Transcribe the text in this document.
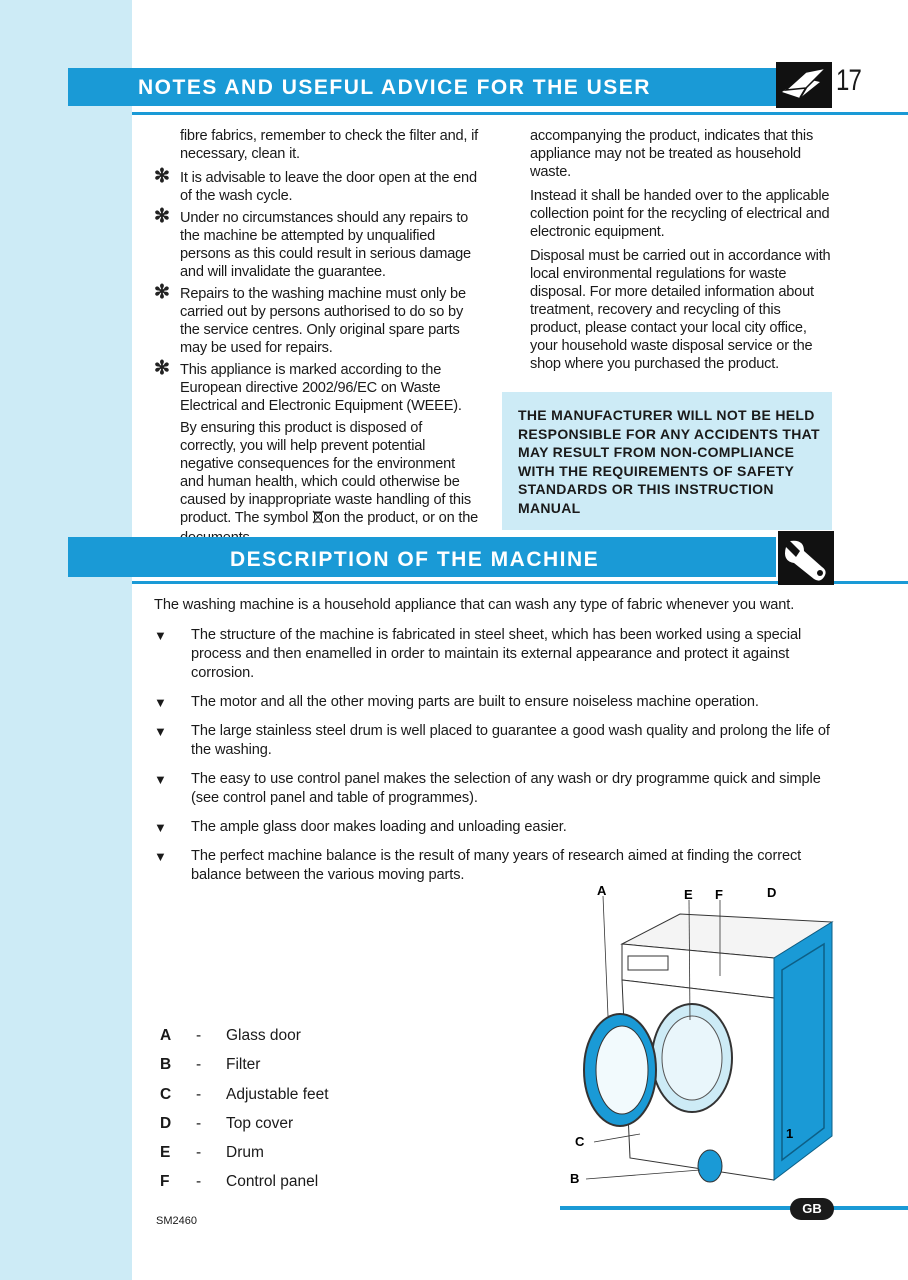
NOTES AND USEFUL ADVICE FOR THE USER	17

fibre fabrics, remember to check the filter and, if necessary, clean it.

✻ It is advisable to leave the door open at the end of the wash cycle.
✻ Under no circumstances should any repairs to the machine be attempted by unqualified persons as this could result in serious damage and will invalidate the guarantee.
✻ Repairs to the washing machine must only be carried out by persons authorised to do so by the service centres. Only original spare parts may be used for repairs.
✻ This appliance is marked according to the European directive 2002/96/EC on Waste Electrical and Electronic Equipment (WEEE).

By ensuring this product is disposed of correctly, you will help prevent potential negative consequences for the environment and human health, which could otherwise be caused by inappropriate waste handling of this product. The symbol on the product, or on the

accompanying the product, indicates that this appliance may not be treated as household waste.

Instead it shall be handed over to the applicable collection point for the recycling of electrical and electronic equipment.

Disposal must be carried out in accordance with local environmental regulations for waste disposal. For more detailed information about treatment, recovery and recycling of this product, please contact your local city office, your household waste disposal service or the shop where you purchased the product.

THE MANUFACTURER WILL NOT BE HELD RESPONSIBLE FOR ANY ACCIDENTS THAT MAY RESULT FROM NON-COMPLIANCE WITH THE REQUIREMENTS OF SAFETY STANDARDS OR THIS INSTRUCTION MANUAL
DESCRIPTION OF THE MACHINE

The washing machine is a household appliance that can wash any type of fabric whenever you want.

▼ The structure of the machine is fabricated in steel sheet, which has been worked using a special process and then enamelled in order to maintain its external appearance and protect it against corrosion.
▼ The motor and all the other moving parts are built to ensure noiseless machine operation.
▼ The large stainless steel drum is well placed to guarantee a good wash quality and prolong the life of the washing.
▼ The easy to use control panel makes the selection of any wash or dry programme quick and simple (see control panel and table of programmes).
▼ The ample glass door makes loading and unloading easier.
▼ The perfect machine balance is the result of many years of research aimed at finding the correct balance between the various moving parts.
A - Glass door
B - Filter
C - Adjustable feet
D - Top cover
E - Drum
F - Control panel
A	E F	D
C
B
1
GB
SM2460
